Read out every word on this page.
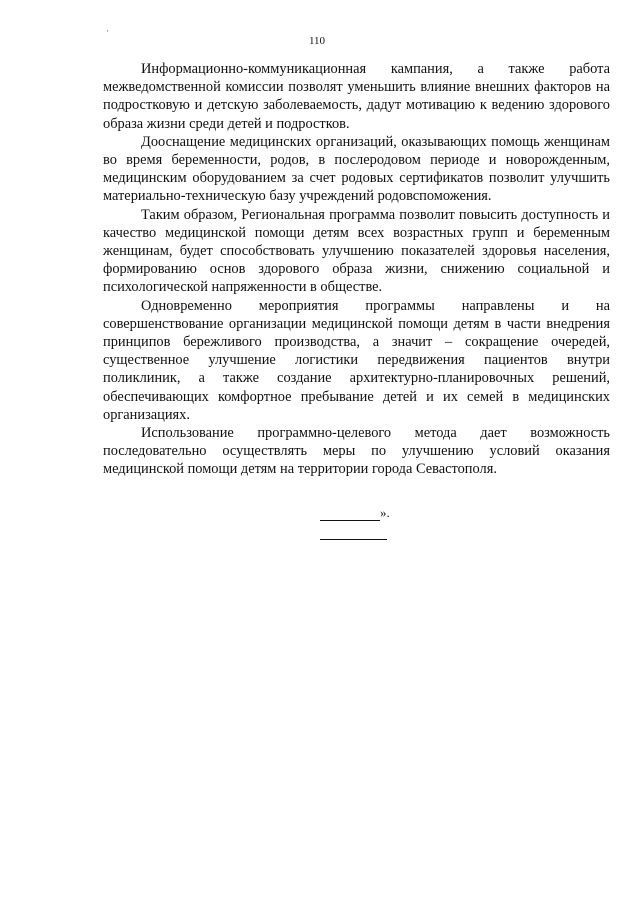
·
110

Информационно-коммуникационная кампания, а также работа межведомственной комиссии позволят уменьшить влияние внешних факторов на подростковую и детскую заболеваемость, дадут мотивацию к ведению здорового образа жизни среди детей и подростков.

Дооснащение медицинских организаций, оказывающих помощь женщинам во время беременности, родов, в послеродовом периоде и новорожденным, медицинским оборудованием за счет родовых сертификатов позволит улучшить материально-техническую базу учреждений родовспоможения.

Таким образом, Региональная программа позволит повысить доступность и качество медицинской помощи детям всех возрастных групп и беременным женщинам, будет способствовать улучшению показателей здоровья населения, формированию основ здорового образа жизни, снижению социальной и психологической напряженности в обществе.

Одновременно мероприятия программы направлены и на совершенствование организации медицинской помощи детям в части внедрения принципов бережливого производства, а значит – сокращение очередей, существенное улучшение логистики передвижения пациентов внутри поликлиник, а также создание архитектурно-планировочных решений, обеспечивающих комфортное пребывание детей и их семей в медицинских организациях.

Использование программно-целевого метода дает возможность последовательно осуществлять меры по улучшению условий оказания медицинской помощи детям на территории города Севастополя.

».
